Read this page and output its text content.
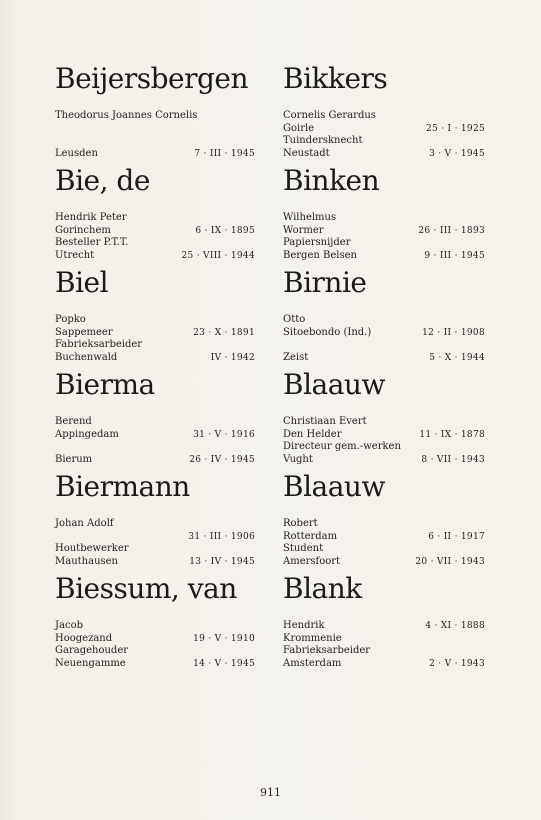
Beijersbergen
Theodorus Joannes Cornelis
Leusden	7 · III · 1945
Bikkers
Cornelis Gerardus
Goirle	25 · I · 1925
Tuindersknecht
Neustadt	3 · V · 1945
Bie, de
Hendrik Peter
Gorinchem	6 · IX · 1895
Besteller P.T.T.
Utrecht	25 · VIII · 1944
Binken
Wilhelmus
Wormer	26 · III · 1893
Papiersnijder
Bergen Belsen	9 · III · 1945
Biel
Popko
Sappemeer	23 · X · 1891
Fabrieksarbeider
Buchenwald	IV · 1942
Birnie
Otto
Sitoebondo (Ind.)	12 · II · 1908
Zeist	5 · X · 1944
Bierma
Berend
Appingedam	31 · V · 1916
Bierum	26 · IV · 1945
Blaauw
Christiaan Evert
Den Helder	11 · IX · 1878
Directeur gem.-werken
Vught	8 · VII · 1943
Biermann
Johan Adolf
31 · III · 1906
Houtbewerker
Mauthausen	13 · IV · 1945
Blaauw
Robert
Rotterdam	6 · II · 1917
Student
Amersfoort	20 · VII · 1943
Biessum, van
Jacob
Hoogezand	19 · V · 1910
Garagehouder
Neuengamme	14 · V · 1945
Blank
Hendrik	4 · XI · 1888
Krommenie
Fabrieksarbeider
Amsterdam	2 · V · 1943
911
